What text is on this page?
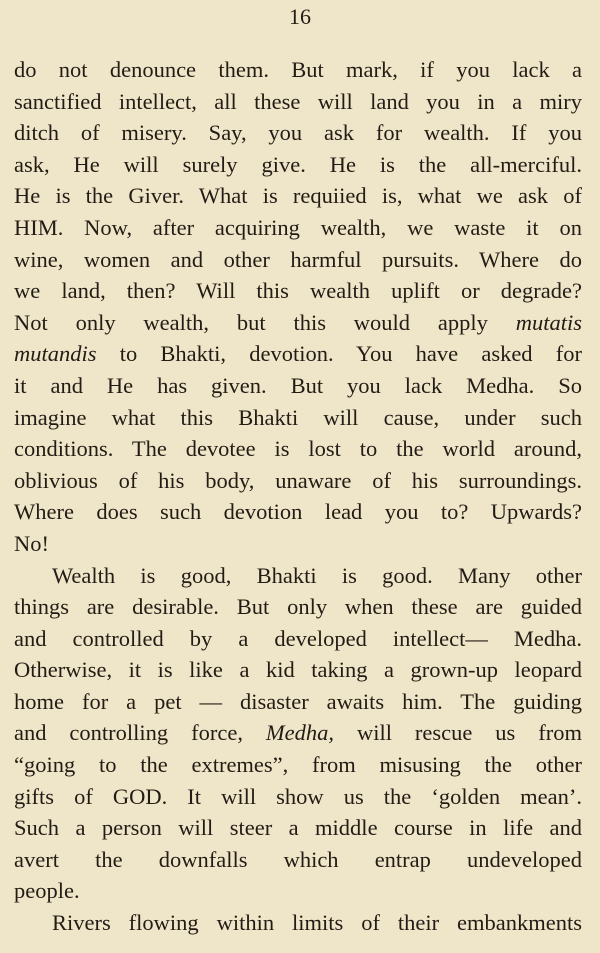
16
do not denounce them. But mark, if you lack a
sanctified intellect, all these will land you in a miry
ditch of misery. Say, you ask for wealth. If you
ask, He will surely give. He is the all-merciful.
He is the Giver. What is requiied is, what we ask of
HIM. Now, after acquiring wealth, we waste it on
wine, women and other harmful pursuits. Where do
we land, then? Will this wealth uplift or degrade?
Not only wealth, but this would apply mutatis
mutandis to Bhakti, devotion. You have asked for
it and He has given. But you lack Medha. So
imagine what this Bhakti will cause, under such
conditions. The devotee is lost to the world around,
oblivious of his body, unaware of his surroundings.
Where does such devotion lead you to? Upwards?
No!
Wealth is good, Bhakti is good. Many other
things are desirable. But only when these are guided
and controlled by a developed intellect— Medha.
Otherwise, it is like a kid taking a grown-up leopard
home for a pet — disaster awaits him. The guiding
and controlling force, Medha, will rescue us from
“going to the extremes”, from misusing the other
gifts of GOD. It will show us the ‘golden mean’.
Such a person will steer a middle course in life and
avert the downfalls which entrap undeveloped
people.
Rivers flowing within limits of their embankments
